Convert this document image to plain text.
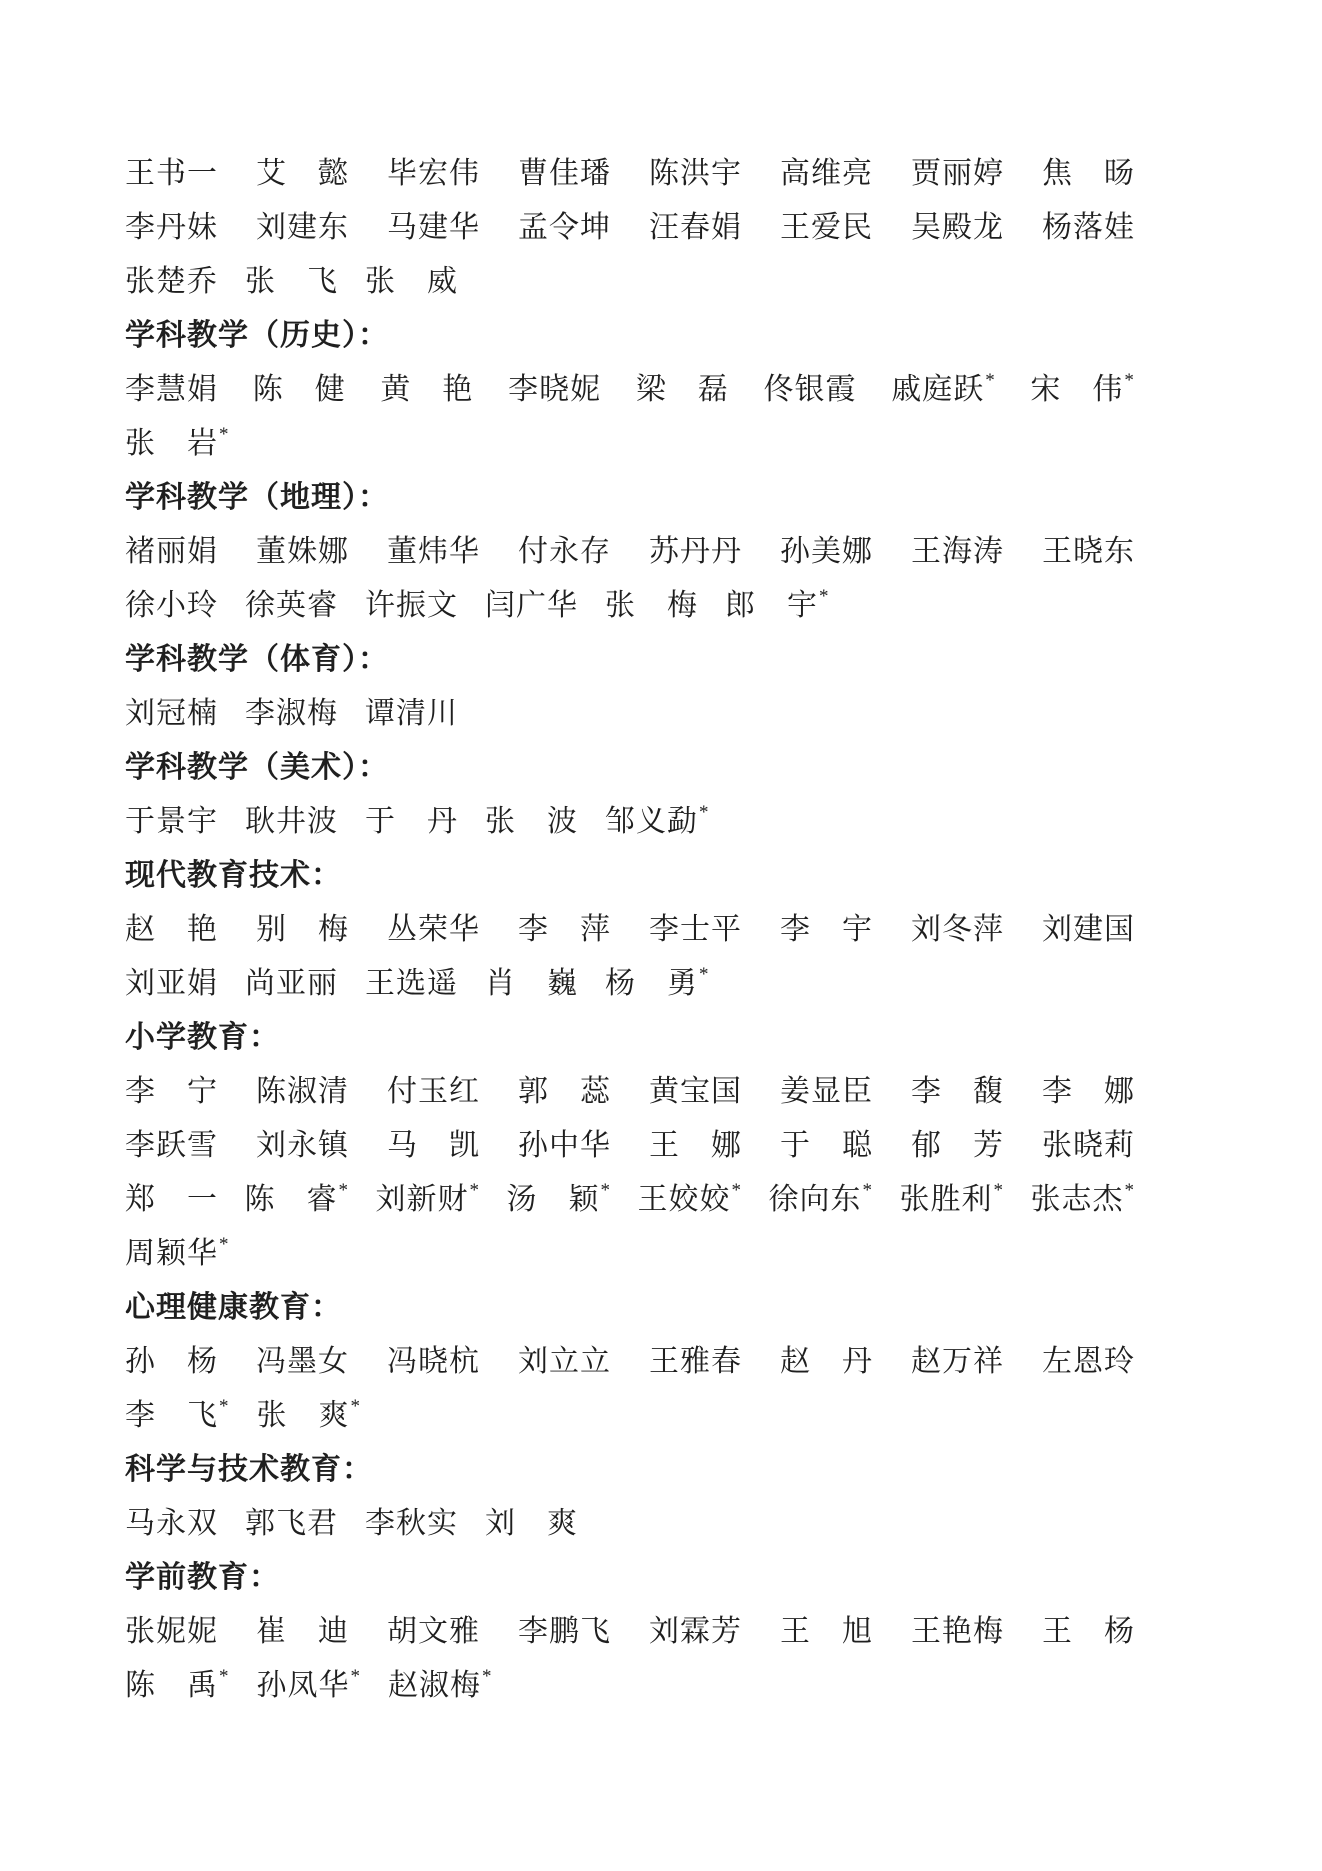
王书一 艾　懿 毕宏伟 曹佳璠 陈洪宇 高维亮 贾丽婷 焦　旸
李丹妹 刘建东 马建华 孟令坤 汪春娟 王爱民 吴殿龙 杨落娃
张楚乔 张　飞 张　威
学科教学（历史）：
李慧娟 陈　健 黄　艳 李晓妮 梁　磊 佟银霞 戚庭跃* 宋　伟*
张　岩*
学科教学（地理）：
褚丽娟 董姝娜 董炜华 付永存 苏丹丹 孙美娜 王海涛 王晓东
徐小玲 徐英睿 许振文 闫广华 张　梅 郎　宇*
学科教学（体育）：
刘冠楠 李淑梅 谭清川
学科教学（美术）：
于景宇 耿井波 于　丹 张　波 邹义勐*
现代教育技术：
赵　艳 别　梅 丛荣华 李　萍 李士平 李　宇 刘冬萍 刘建国
刘亚娟 尚亚丽 王选遥 肖　巍 杨　勇*
小学教育：
李　宁 陈淑清 付玉红 郭　蕊 黄宝国 姜显臣 李　馥 李　娜
李跃雪 刘永镇 马　凯 孙中华 王　娜 于　聪 郁　芳 张晓莉
郑　一 陈　睿* 刘新财* 汤　颖* 王姣姣* 徐向东* 张胜利* 张志杰*
周颖华*
心理健康教育：
孙　杨 冯墨女 冯晓杭 刘立立 王雅春 赵　丹 赵万祥 左恩玲
李　飞* 张　爽*
科学与技术教育：
马永双 郭飞君 李秋实 刘　爽
学前教育：
张妮妮 崔　迪 胡文雅 李鹏飞 刘霖芳 王　旭 王艳梅 王　杨
陈　禹* 孙凤华* 赵淑梅*
